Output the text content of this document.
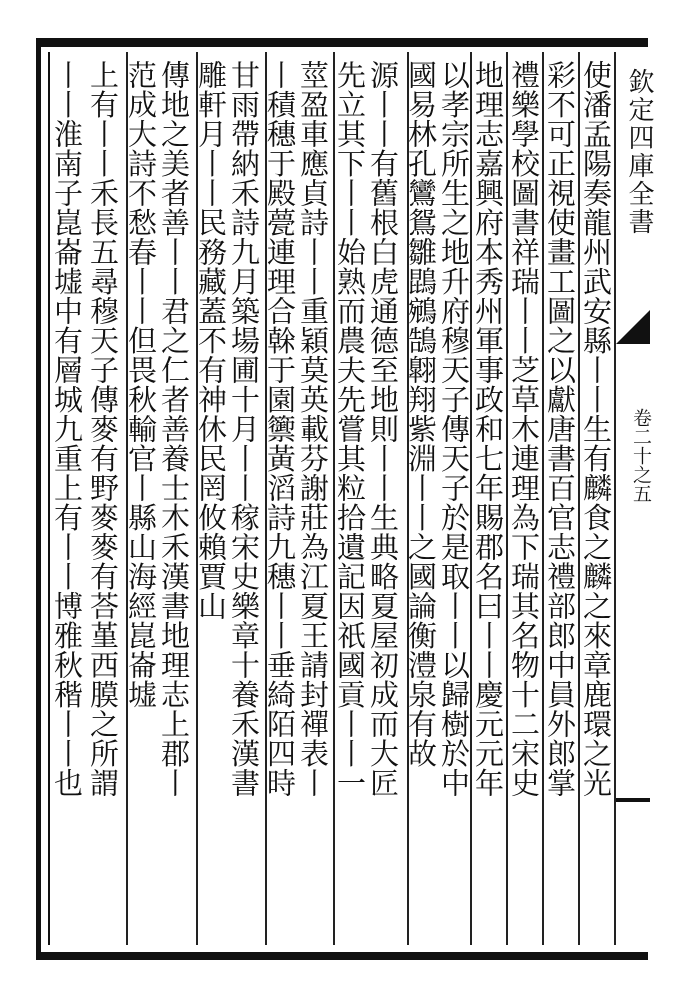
欽定四庫全書
卷二十之五
使潘孟陽奏龍州武安縣丨丨生有麟食之麟之來章鹿環之光
彩不可正視使畫工圖之以獻唐書百官志禮部郎中員外郎掌
禮樂學校圖書祥瑞丨丨芝草木連理為下瑞其名物十二宋史
地理志嘉興府本秀州軍事政和七年賜郡名曰丨丨慶元元年
以孝宗所生之地升府穆天子傳天子於是取丨丨以歸樹於中
國易林孔鸞鴛雛鵾鵷鵠翺翔紫淵丨丨之國論衡澧泉有故
源丨丨有舊根白虎通德至地則丨丨生典略夏屋初成而大匠
先立其下丨丨始熟而農夫先嘗其粒拾遺記因祇國貢丨丨一
莖盈車應貞詩丨丨重穎莫英載芬謝莊為江夏王請封禪表丨
丨積穗于殿甍連理合榦于園籞黃滔詩九穗丨丨垂綺陌四時
甘雨帶納禾詩九月築場圃十月丨丨稼宋史樂章十養禾漢書
雕軒月丨丨民務藏蓋不有神休民罔攸賴賈山
傳地之美者善丨丨君之仁者善養士木禾漢書地理志上郡丨
范成大詩不愁春丨丨但畏秋輸官丨縣山海經崑崙墟
上有丨丨禾長五尋穆天子傳麥有野麥麥有荅堇西膜之所謂
丨丨淮南子崑崙墟中有層城九重上有丨丨博雅秋稭丨丨也
